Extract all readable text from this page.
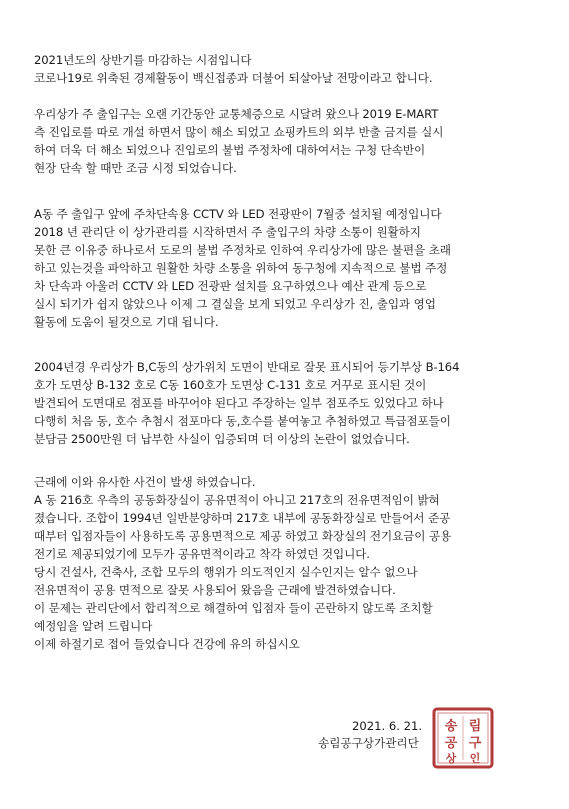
2021년도의 상반기를 마감하는 시점입니다
코로나19로 위축된 경제활동이 백신접종과 더불어 되살아날 전망이라고 합니다.
우리상가 주 출입구는 오랜 기간동안 교통체증으로 시달려 왔으나 2019 E-MART
측 진입로를 따로 개설 하면서 많이 해소 되었고 쇼핑카트의 외부 반출 금지를 실시
하여 더욱 더 해소 되었으나 진입로의 불법 주정차에 대하여서는 구청 단속반이
현장 단속 할 때만 조금 시정 되었습니다.
A동 주 출입구 앞에 주차단속용 CCTV 와 LED 전광판이 7월중 설치될 예정입니다
2018 년 관리단 이 상가관리를 시작하면서 주 출입구의 차량 소통이 원활하지
못한 큰 이유중 하나로서 도로의 불법 주정차로 인하여 우리상가에 많은 불편을 초래
하고 있는것을 파악하고 원활한 차량 소통을 위하여 동구청에 지속적으로 불법 주정
차 단속과 아울러 CCTV 와 LED 전광판 설치를 요구하였으나 예산 관계 등으로
실시 되기가 쉽지 않았으나 이제 그 결실을 보게 되었고 우리상가 진, 출입과 영업
활동에 도움이 될것으로 기대 됩니다.
2004년경 우리상가 B,C동의 상가위치 도면이 반대로 잘못 표시되어 등기부상 B-164
호가 도면상 B-132 호로 C동 160호가 도면상 C-131 호로 거꾸로 표시된 것이
발견되어 도면대로 점포를 바꾸어야 된다고 주장하는 일부 점포주도 있었다고 하나
다행히 처음 동, 호수 추첨시 점포마다 동,호수를 붙여놓고 추첨하였고 특급점포들이
분담금 2500만원 더 납부한 사실이 입증되며 더 이상의 논란이 없었습니다.
근래에 이와 유사한 사건이 발생 하였습니다.
A 동 216호 우측의 공동화장실이 공유면적이 아니고 217호의 전유면적임이 밝혀
졌습니다. 조합이 1994년 일반분양하며 217호 내부에 공동화장실로 만들어서 준공
때부터 입점자들이 사용하도록 공용면적으로 제공 하였고 화장실의 전기요금이 공용
전기로 제공되었기에 모두가 공유면적이라고 착각 하였던 것입니다.
당시 건설사, 건축사, 조합 모두의 행위가 의도적인지 실수인지는 알수 없으나
전유면적이 공용 면적으로 잘못 사용되어 왔음을 근래에 발견하였습니다.
이 문제는 관리단에서 합리적으로 해결하여 입점자 들이 곤란하지 않도록 조치할
예정임을 알려 드립니다
이제 하절기로 접어 들었습니다 건강에 유의 하십시오
2021. 6. 21.
송림공구상가관리단
송 림
공 구
상 인
